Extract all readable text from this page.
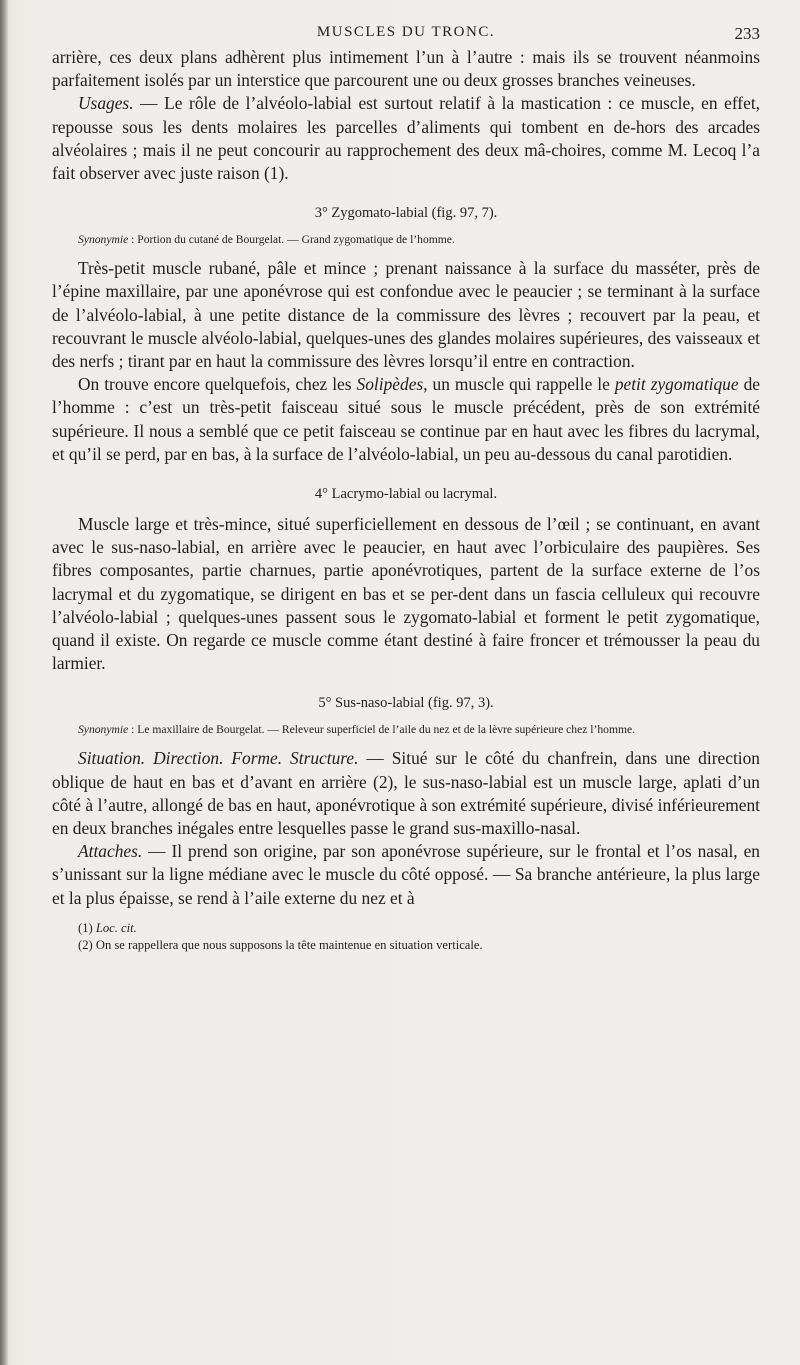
MUSCLES DU TRONC.	233

arrière, ces deux plans adhèrent plus intimement l’un à l’autre : mais ils se trouvent néanmoins parfaitement isolés par un interstice que parcourent une ou deux grosses branches veineuses.

Usages. — Le rôle de l’alvéolo-labial est surtout relatif à la mastication : ce muscle, en effet, repousse sous les dents molaires les parcelles d’aliments qui tombent en de-hors des arcades alvéolaires ; mais il ne peut concourir au rapprochement des deux mâ-choires, comme M. Lecoq l’a fait observer avec juste raison (1).

3° Zygomato-labial (fig. 97, 7).

Synonymie : Portion du cutané de Bourgelat. — Grand zygomatique de l’homme.

Très-petit muscle rubané, pâle et mince ; prenant naissance à la surface du masséter, près de l’épine maxillaire, par une aponévrose qui est confondue avec le peaucier ; se terminant à la surface de l’alvéolo-labial, à une petite distance de la commissure des lèvres ; recouvert par la peau, et recouvrant le muscle alvéolo-labial, quelques-unes des glandes molaires supérieures, des vaisseaux et des nerfs ; tirant par en haut la commissure des lèvres lorsqu’il entre en contraction.

On trouve encore quelquefois, chez les Solipèdes, un muscle qui rappelle le petit zygomatique de l’homme : c’est un très-petit faisceau situé sous le muscle précédent, près de son extrémité supérieure. Il nous a semblé que ce petit faisceau se continue par en haut avec les fibres du lacrymal, et qu’il se perd, par en bas, à la surface de l’alvéolo-labial, un peu au-dessous du canal parotidien.

4° Lacrymo-labial ou lacrymal.

Muscle large et très-mince, situé superficiellement en dessous de l’œil ; se continuant, en avant avec le sus-naso-labial, en arrière avec le peaucier, en haut avec l’orbiculaire des paupières. Ses fibres composantes, partie charnues, partie aponévrotiques, partent de la surface externe de l’os lacrymal et du zygomatique, se dirigent en bas et se per-dent dans un fascia celluleux qui recouvre l’alvéolo-labial ; quelques-unes passent sous le zygomato-labial et forment le petit zygomatique, quand il existe. On regarde ce muscle comme étant destiné à faire froncer et trémousser la peau du larmier.

5° Sus-naso-labial (fig. 97, 3).

Synonymie : Le maxillaire de Bourgelat. — Releveur superficiel de l’aile du nez et de la lèvre supérieure chez l’homme.

Situation. Direction. Forme. Structure. — Situé sur le côté du chanfrein, dans une direction oblique de haut en bas et d’avant en arrière (2), le sus-naso-labial est un muscle large, aplati d’un côté à l’autre, allongé de bas en haut, aponévrotique à son extrémité supérieure, divisé inférieurement en deux branches inégales entre lesquelles passe le grand sus-maxillo-nasal.

Attaches. — Il prend son origine, par son aponévrose supérieure, sur le frontal et l’os nasal, en s’unissant sur la ligne médiane avec le muscle du côté opposé. — Sa branche antérieure, la plus large et la plus épaisse, se rend à l’aile externe du nez et à

(1) Loc. cit.

(2) On se rappellera que nous supposons la tête maintenue en situation verticale.
